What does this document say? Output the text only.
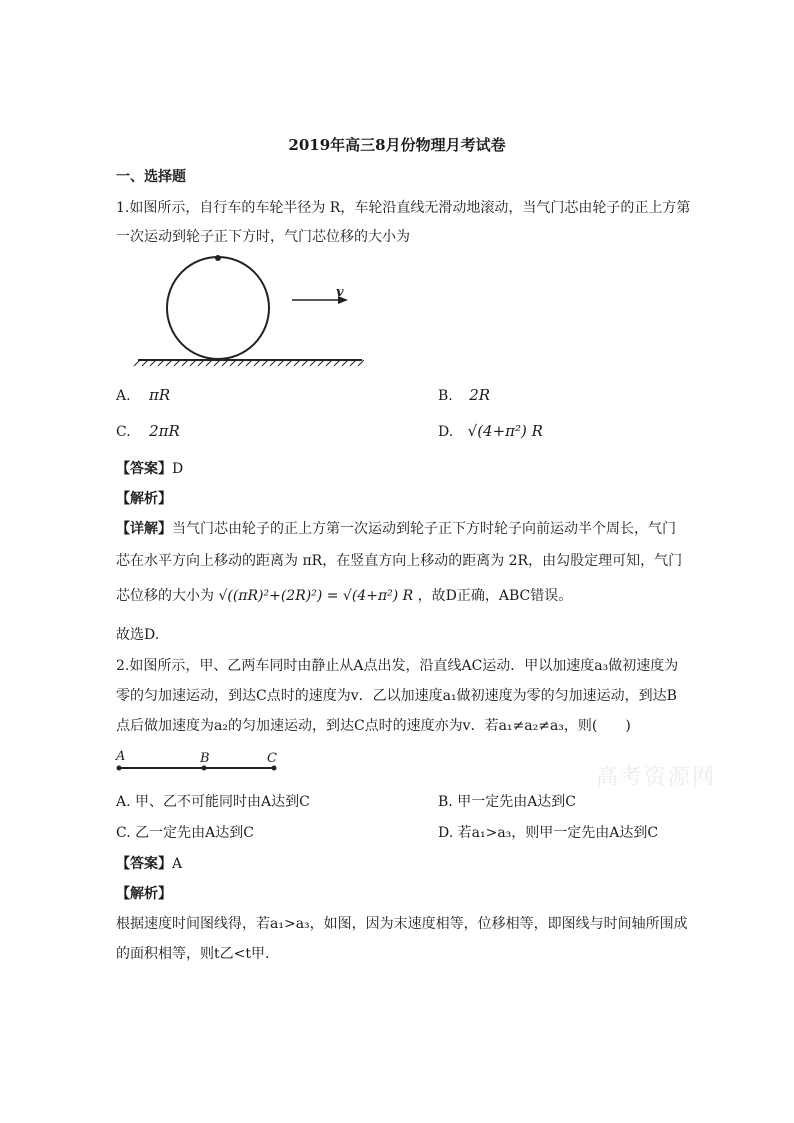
2019年高三8月份物理月考试卷
一、选择题
1.如图所示，自行车的车轮半径为 R，车轮沿直线无滑动地滚动，当气门芯由轮子的正上方第
一次运动到轮子正下方时，气门芯位移的大小为
v
A. πR	B. 2R
C. 2πR	D. √(4+π²) R
【答案】D
【解析】
【详解】当气门芯由轮子的正上方第一次运动到轮子正下方时轮子向前运动半个周长，气门
芯在水平方向上移动的距离为 πR，在竖直方向上移动的距离为 2R，由勾股定理可知，气门
芯位移的大小为 √((πR)²+(2R)²) = √(4+π²) R ，故D正确，ABC错误。
故选D.
2.如图所示，甲、乙两车同时由静止从A点出发，沿直线AC运动．甲以加速度a₃做初速度为
零的匀加速运动，到达C点时的速度为v．乙以加速度a₁做初速度为零的匀加速运动，到达B
点后做加速度为a₂的匀加速运动，到达C点时的速度亦为v．若a₁≠a₂≠a₃，则(　　)
A	B	C
高考资源网
A. 甲、乙不可能同时由A达到C	B. 甲一定先由A达到C
C. 乙一定先由A达到C	D. 若a₁>a₃，则甲一定先由A达到C
【答案】A
【解析】
根据速度时间图线得，若a₁>a₃，如图，因为末速度相等，位移相等，即图线与时间轴所围成
的面积相等，则t乙<t甲.
